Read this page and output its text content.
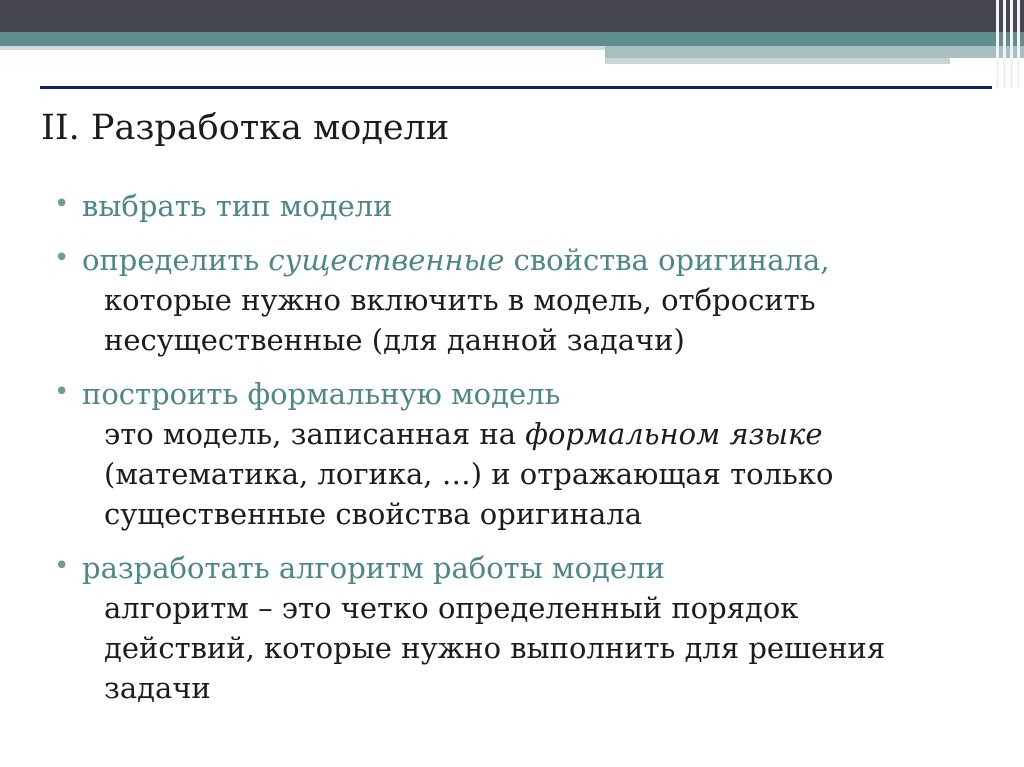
II. Разработка модели
• выбрать тип модели
• определить существенные свойства оригинала,
которые нужно включить в модель, отбросить
несущественные (для данной задачи)
• построить формальную модель
это модель, записанная на формальном языке
(математика, логика, …) и отражающая только
существенные свойства оригинала
• разработать алгоритм работы модели
алгоритм – это четко определенный порядок
действий, которые нужно выполнить для решения
задачи
